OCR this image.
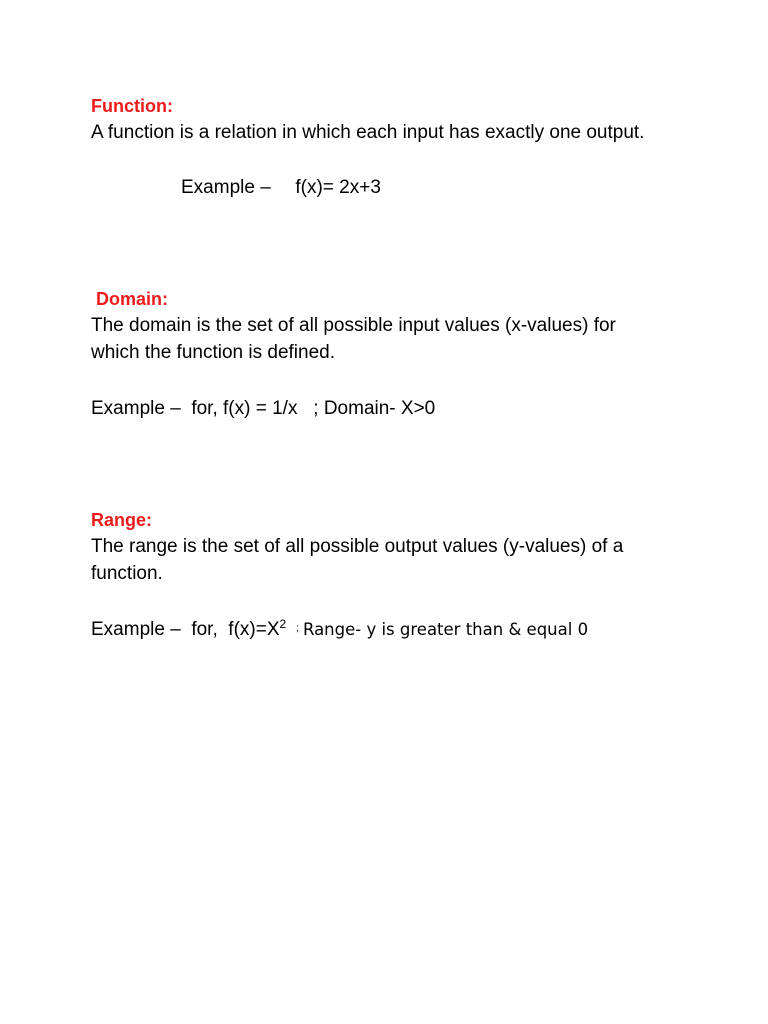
Function:
A function is a relation in which each input has exactly one output.
Example – f(x)= 2x+3
Domain:
The domain is the set of all possible input values (x-values) for
which the function is defined.
Example –  for, f(x) = 1/x   ; Domain- X>0
Range:
The range is the set of all possible output values (y-values) of a
function.
Example –  for,  $f(x)=X^2$ ; Range- y is greater than & equal 0
